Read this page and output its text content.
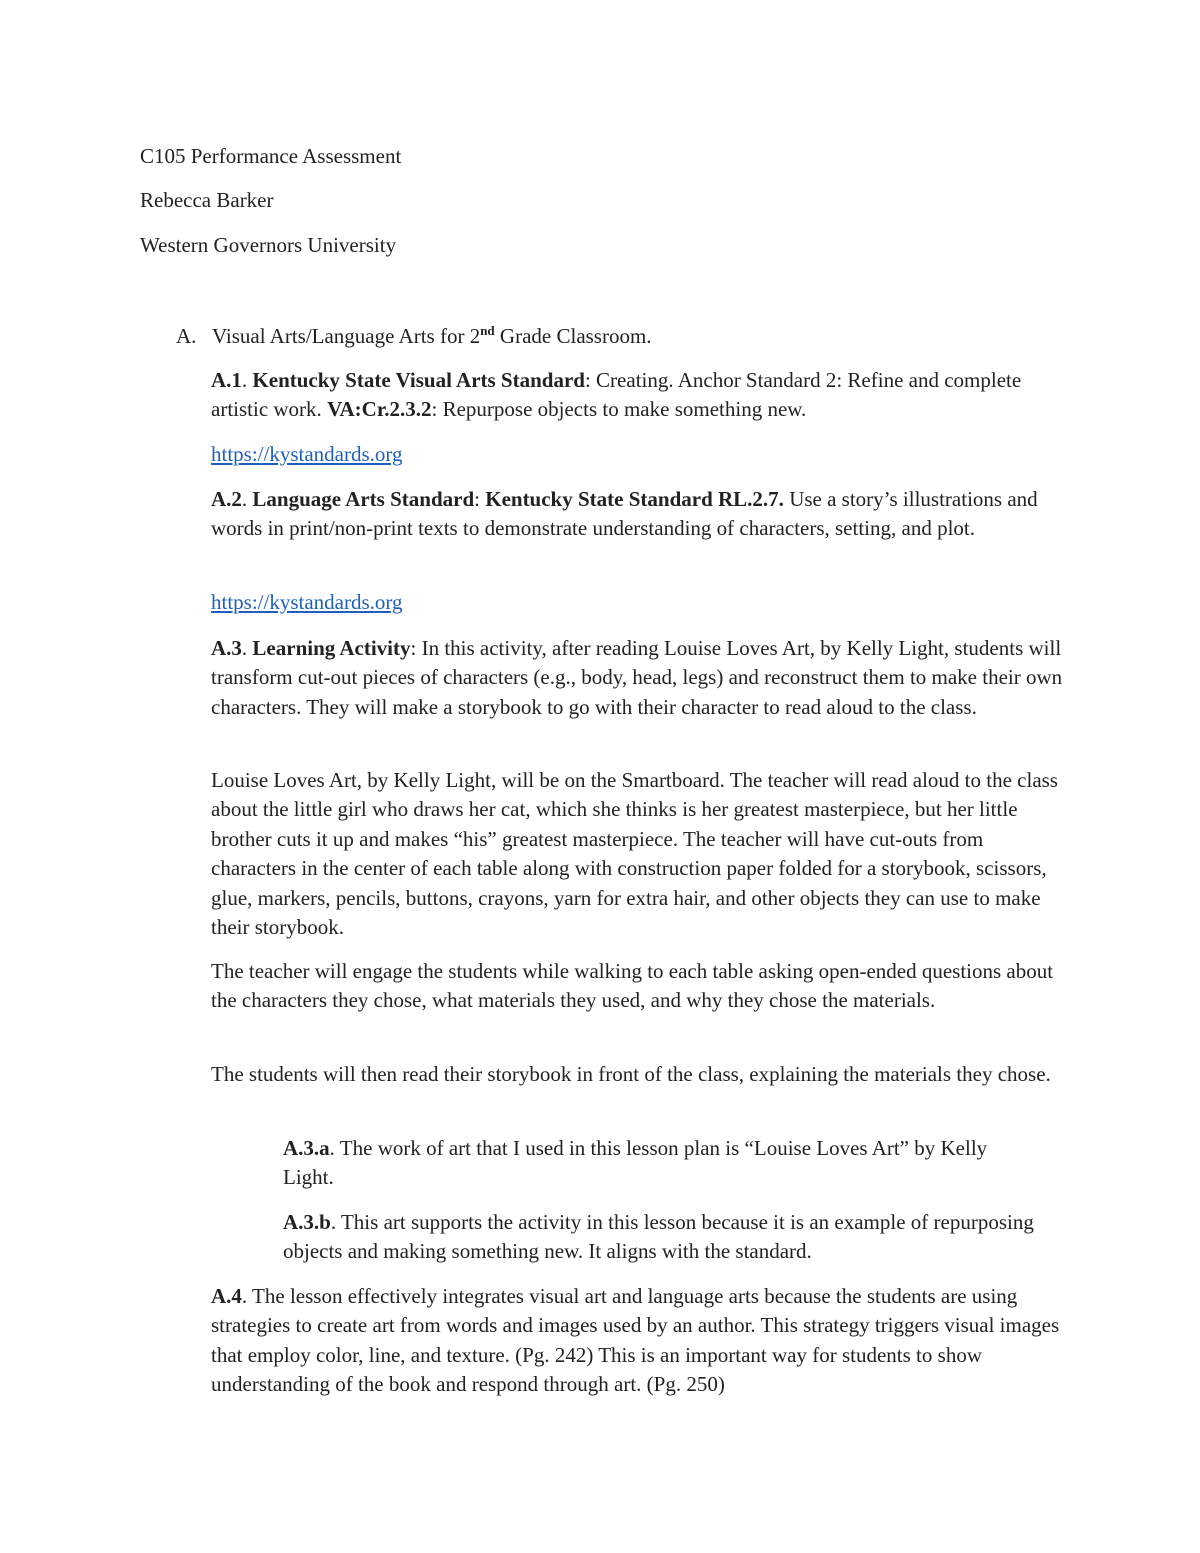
C105 Performance Assessment
Rebecca Barker
Western Governors University
A. Visual Arts/Language Arts for 2nd Grade Classroom.

A.1. Kentucky State Visual Arts Standard: Creating. Anchor Standard 2: Refine and complete artistic work. VA:Cr.2.3.2: Repurpose objects to make something new.

https://kystandards.org

A.2. Language Arts Standard: Kentucky State Standard RL.2.7. Use a story’s illustrations and words in print/non-print texts to demonstrate understanding of characters, setting, and plot.

https://kystandards.org

A.3. Learning Activity: In this activity, after reading Louise Loves Art, by Kelly Light, students will transform cut-out pieces of characters (e.g., body, head, legs) and reconstruct them to make their own characters. They will make a storybook to go with their character to read aloud to the class.

Louise Loves Art, by Kelly Light, will be on the Smartboard. The teacher will read aloud to the class about the little girl who draws her cat, which she thinks is her greatest masterpiece, but her little brother cuts it up and makes “his” greatest masterpiece. The teacher will have cut-outs from characters in the center of each table along with construction paper folded for a storybook, scissors, glue, markers, pencils, buttons, crayons, yarn for extra hair, and other objects they can use to make their storybook.

The teacher will engage the students while walking to each table asking open-ended questions about the characters they chose, what materials they used, and why they chose the materials.

The students will then read their storybook in front of the class, explaining the materials they chose.

A.3.a. The work of art that I used in this lesson plan is “Louise Loves Art” by Kelly Light.

A.3.b. This art supports the activity in this lesson because it is an example of repurposing objects and making something new. It aligns with the standard.

A.4. The lesson effectively integrates visual art and language arts because the students are using strategies to create art from words and images used by an author. This strategy triggers visual images that employ color, line, and texture. (Pg. 242) This is an important way for students to show understanding of the book and respond through art. (Pg. 250)
